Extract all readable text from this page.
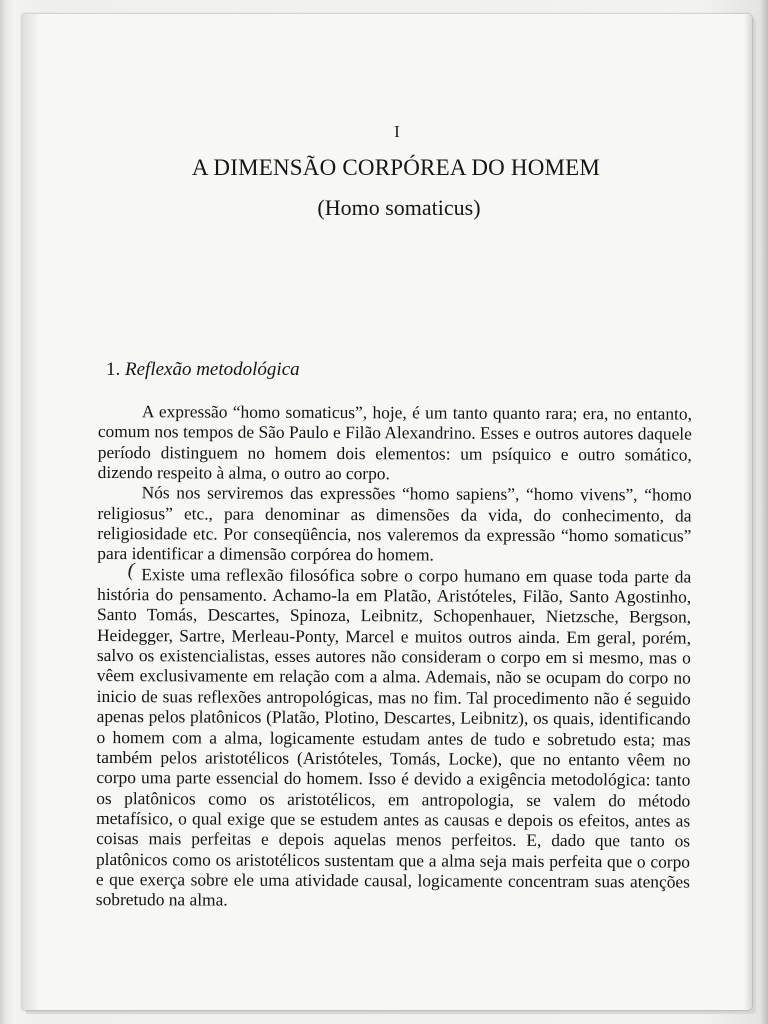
I
A DIMENSÃO CORPÓREA DO HOMEM
(Homo somaticus)
1. Reflexão metodológica

A expressão “homo somaticus”, hoje, é um tanto quanto rara; era, no entanto, comum nos tempos de São Paulo e Filão Alexandrino. Esses e outros autores daquele período distinguem no homem dois elementos: um psíquico e outro somático, dizendo respeito à alma, o outro ao corpo.

Nós nos serviremos das expressões “homo sapiens”, “homo vivens”, “homo religiosus” etc., para denominar as dimensões da vida, do conhecimento, da religiosidade etc. Por conseqüência, nos valeremos da expressão “homo somaticus” para identificar a dimensão corpórea do homem.

Existe uma reflexão filosófica sobre o corpo humano em quase toda parte da história do pensamento. Achamo-la em Platão, Aristóteles, Filão, Santo Agostinho, Santo Tomás, Descartes, Spinoza, Leibnitz, Schopenhauer, Nietzsche, Bergson, Heidegger, Sartre, Merleau-Ponty, Marcel e muitos outros ainda. Em geral, porém, salvo os existencialistas, esses autores não consideram o corpo em si mesmo, mas o vêem exclusivamente em relação com a alma. Ademais, não se ocupam do corpo no inicio de suas reflexões antropológicas, mas no fim. Tal procedimento não é seguido apenas pelos platônicos (Platão, Plotino, Descartes, Leibnitz), os quais, identificando o homem com a alma, logicamente estudam antes de tudo e sobretudo esta; mas também pelos aristotélicos (Aristóteles, Tomás, Locke), que no entanto vêem no corpo uma parte essencial do homem. Isso é devido a exigência metodológica: tanto os platônicos como os aristotélicos, em antropologia, se valem do método metafísico, o qual exige que se estudem antes as causas e depois os efeitos, antes as coisas mais perfeitas e depois aquelas menos perfeitos. E, dado que tanto os platônicos como os aristotélicos sustentam que a alma seja mais perfeita que o corpo e que exerça sobre ele uma atividade causal, logicamente concentram suas atenções sobretudo na alma.

(
